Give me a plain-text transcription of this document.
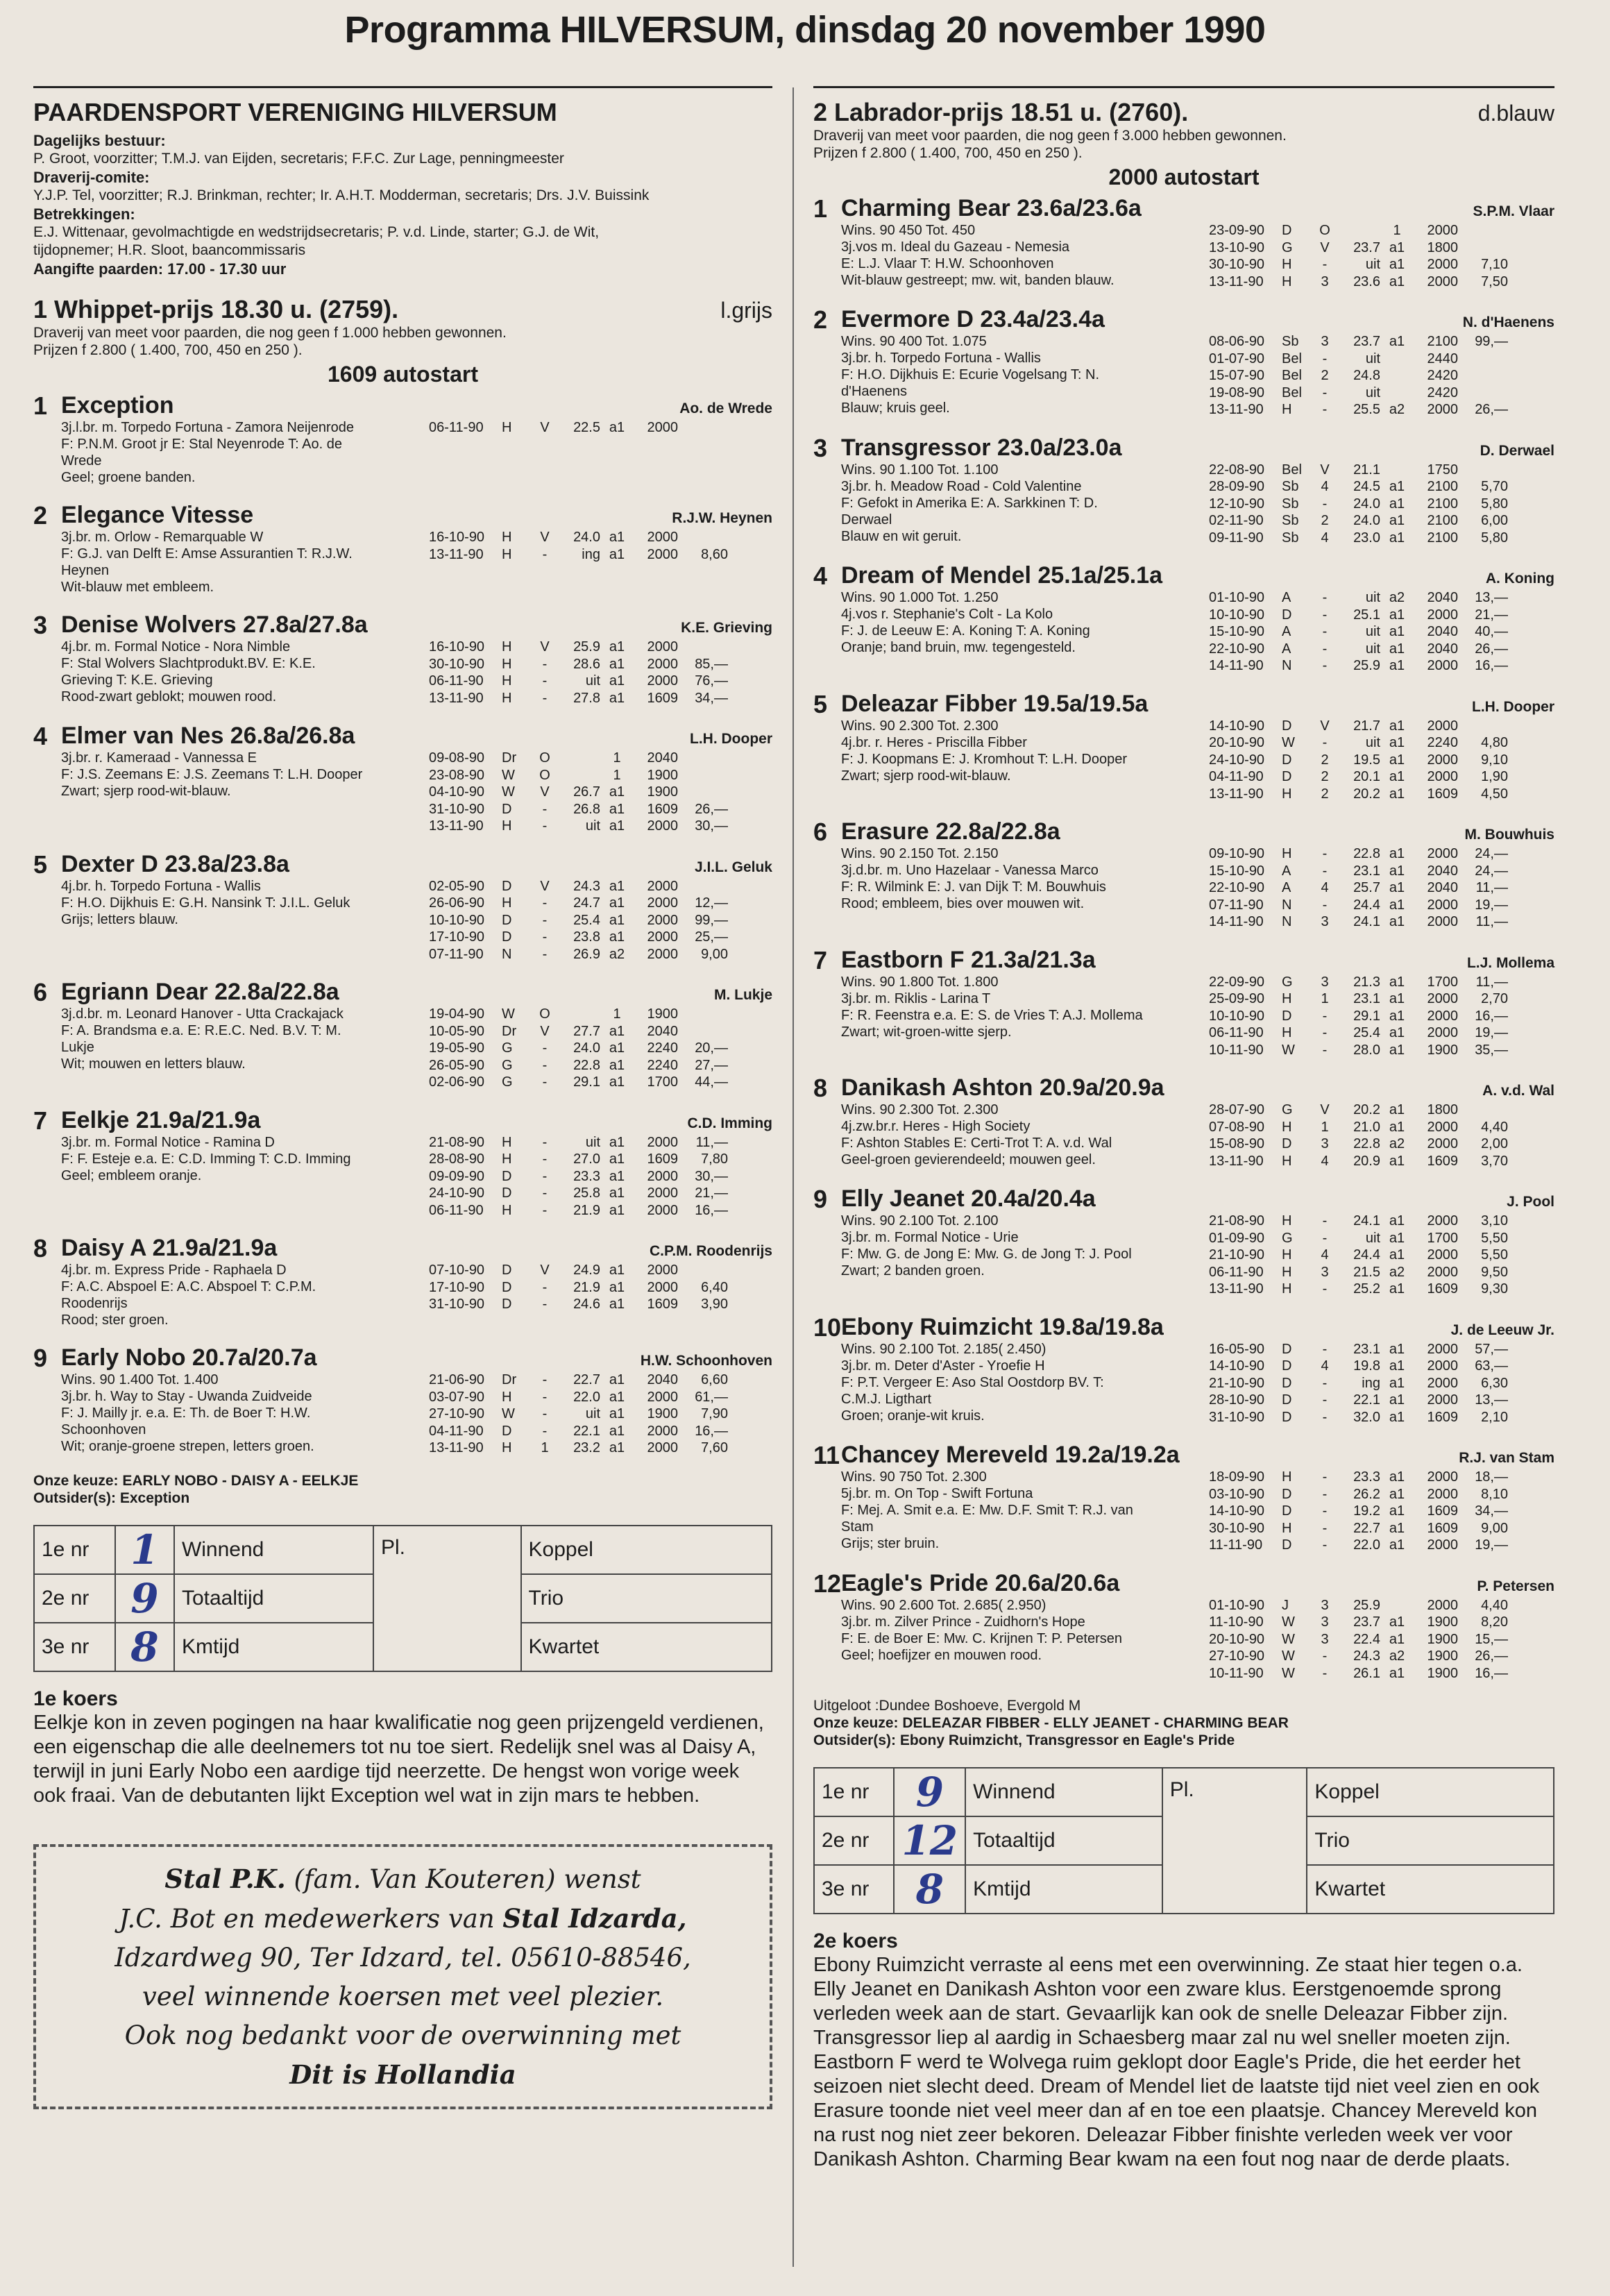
Programma HILVERSUM, dinsdag 20 november 1990
PAARDENSPORT VERENIGING HILVERSUM
Dagelijks bestuur:
P. Groot, voorzitter; T.M.J. van Eijden, secretaris; F.F.C. Zur Lage, penningmeester
Draverij-comite:
Y.J.P. Tel, voorzitter; R.J. Brinkman, rechter; Ir. A.H.T. Modderman, secretaris; Drs. J.V. Buissink
Betrekkingen:
E.J. Wittenaar, gevolmachtigde en wedstrijdsecretaris; P. v.d. Linde, starter; G.J. de Wit,
tijdopnemer; H.R. Sloot, baancommissaris
Aangifte paarden: 17.00 - 17.30 uur
1 Whippet-prijs 18.30 u. (2759).	l.grijs
Draverij van meet voor paarden, die nog geen f 1.000 hebben gewonnen.
Prijzen f 2.800 ( 1.400, 700, 450 en 250 ).
1609 autostart
1 Exception	Ao. de Wrede
3j.l.br. m. Torpedo Fortuna - Zamora Neijenrode
F: P.N.M. Groot jr E: Stal Neyenrode T: Ao. de
Wrede
Geel; groene banden.
06-11-90	H	V	22.5 a1	2000
2 Elegance Vitesse	R.J.W. Heynen
3j.br. m. Orlow - Remarquable W
F: G.J. van Delft E: Amse Assurantien T: R.J.W.
Heynen
Wit-blauw met embleem.
16-10-90	H	V	24.0 a1	2000
13-11-90	H	-	ing a1	2000	8,60
3 Denise Wolvers 27.8a/27.8a	K.E. Grieving
4j.br. m. Formal Notice - Nora Nimble
F: Stal Wolvers Slachtprodukt.BV. E: K.E.
Grieving T: K.E. Grieving
Rood-zwart geblokt; mouwen rood.
16-10-90	H	V	25.9 a1	2000
30-10-90	H	-	28.6 a1	2000	85,—
06-11-90	H	-	uit a1	2000	76,—
13-11-90	H	-	27.8 a1	1609	34,—
4 Elmer van Nes 26.8a/26.8a	L.H. Dooper
3j.br. r. Kameraad - Vannessa E
F: J.S. Zeemans E: J.S. Zeemans T: L.H. Dooper
Zwart; sjerp rood-wit-blauw.
09-08-90	Dr	O	1	2040
23-08-90	W	O	1	1900
04-10-90	W	V	26.7 a1	1900
31-10-90	D	-	26.8 a1	1609	26,—
13-11-90	H	-	uit a1	2000	30,—
5 Dexter D 23.8a/23.8a	J.I.L. Geluk
4j.br. h. Torpedo Fortuna - Wallis
F: H.O. Dijkhuis E: G.H. Nansink T: J.I.L. Geluk
Grijs; letters blauw.
02-05-90	D	V	24.3 a1	2000
26-06-90	H	-	24.7 a1	2000	12,—
10-10-90	D	-	25.4 a1	2000	99,—
17-10-90	D	-	23.8 a1	2000	25,—
07-11-90	N	-	26.9 a2	2000	9,00
6 Egriann Dear 22.8a/22.8a	M. Lukje
3j.d.br. m. Leonard Hanover - Utta Crackajack
F: A. Brandsma e.a. E: R.E.C. Ned. B.V. T: M.
Lukje
Wit; mouwen en letters blauw.
19-04-90	W	O	1	1900
10-05-90	Dr	V	27.7 a1	2040
19-05-90	G	-	24.0 a1	2240	20,—
26-05-90	G	-	22.8 a1	2240	27,—
02-06-90	G	-	29.1 a1	1700	44,—
7 Eelkje 21.9a/21.9a	C.D. Imming
3j.br. m. Formal Notice - Ramina D
F: F. Esteje e.a. E: C.D. Imming T: C.D. Imming
Geel; embleem oranje.
21-08-90	H	-	uit a1	2000	11,—
28-08-90	H	-	27.0 a1	1609	7,80
09-09-90	D	-	23.3 a1	2000	30,—
24-10-90	D	-	25.8 a1	2000	21,—
06-11-90	H	-	21.9 a1	2000	16,—
8 Daisy A 21.9a/21.9a	C.P.M. Roodenrijs
4j.br. m. Express Pride - Raphaela D
F: A.C. Abspoel E: A.C. Abspoel T: C.P.M.
Roodenrijs
Rood; ster groen.
07-10-90	D	V	24.9 a1	2000
17-10-90	D	-	21.9 a1	2000	6,40
31-10-90	D	-	24.6 a1	1609	3,90
9 Early Nobo 20.7a/20.7a	H.W. Schoonhoven
Wins. 90 1.400 Tot. 1.400
3j.br. h. Way to Stay - Uwanda Zuidveide
F: J. Mailly jr. e.a. E: Th. de Boer T: H.W.
Schoonhoven
Wit; oranje-groene strepen, letters groen.
21-06-90	Dr	-	22.7 a1	2040	6,60
03-07-90	H	-	22.0 a1	2000	61,—
27-10-90	W	-	uit a1	1900	7,90
04-11-90	D	-	22.1 a1	2000	16,—
13-11-90	H	1	23.2 a1	2000	7,60
Onze keuze: EARLY NOBO - DAISY A - EELKJE
Outsider(s): Exception
1e nr	1	Winnend	Pl.	Koppel
2e nr	9	Totaaltijd		Trio
3e nr	8	Kmtijd		Kwartet
1e koers
Eelkje kon in zeven pogingen na haar kwalificatie nog geen prijzengeld verdienen, een eigenschap die alle deelnemers tot nu toe siert. Redelijk snel was al Daisy A, terwijl in juni Early Nobo een aardige tijd neerzette. De hengst won vorige week ook fraai. Van de debutanten lijkt Exception wel wat in zijn mars te hebben.
Stal P.K. (fam. Van Kouteren) wenst
J.C. Bot en medewerkers van Stal Idzarda,
Idzardweg 90, Ter Idzard, tel. 05610-88546,
veel winnende koersen met veel plezier.
Ook nog bedankt voor de overwinning met
Dit is Hollandia
2 Labrador-prijs 18.51 u. (2760).	d.blauw
Draverij van meet voor paarden, die nog geen f 3.000 hebben gewonnen.
Prijzen f 2.800 ( 1.400, 700, 450 en 250 ).
2000 autostart
1 Charming Bear 23.6a/23.6a	S.P.M. Vlaar
Wins. 90 450 Tot. 450
3j.vos m. Ideal du Gazeau - Nemesia
E: L.J. Vlaar T: H.W. Schoonhoven
Wit-blauw gestreept; mw. wit, banden blauw.
23-09-90	D	O	1	2000
13-10-90	G	V	23.7 a1	1800
30-10-90	H	-	uit a1	2000	7,10
13-11-90	H	3	23.6 a1	2000	7,50
2 Evermore D 23.4a/23.4a	N. d'Haenens
Wins. 90 400 Tot. 1.075
3j.br. h. Torpedo Fortuna - Wallis
F: H.O. Dijkhuis E: Ecurie Vogelsang T: N.
d'Haenens
Blauw; kruis geel.
08-06-90	Sb	3	23.7 a1	2100	99,—
01-07-90	Bel	-	uit	2440
15-07-90	Bel	2	24.8	2420
19-08-90	Bel	-	uit	2420
13-11-90	H	-	25.5 a2	2000	26,—
3 Transgressor 23.0a/23.0a	D. Derwael
Wins. 90 1.100 Tot. 1.100
3j.br. h. Meadow Road - Cold Valentine
F: Gefokt in Amerika E: A. Sarkkinen T: D.
Derwael
Blauw en wit geruit.
22-08-90	Bel	V	21.1	1750
28-09-90	Sb	4	24.5 a1	2100	5,70
12-10-90	Sb	-	24.0 a1	2100	5,80
02-11-90	Sb	2	24.0 a1	2100	6,00
09-11-90	Sb	4	23.0 a1	2100	5,80
4 Dream of Mendel 25.1a/25.1a	A. Koning
Wins. 90 1.000 Tot. 1.250
4j.vos r. Stephanie's Colt - La Kolo
F: J. de Leeuw E: A. Koning T: A. Koning
Oranje; band bruin, mw. tegengesteld.
01-10-90	A	-	uit a2	2040	13,—
10-10-90	D	-	25.1 a1	2000	21,—
15-10-90	A	-	uit a1	2040	40,—
22-10-90	A	-	uit a1	2040	26,—
14-11-90	N	-	25.9 a1	2000	16,—
5 Deleazar Fibber 19.5a/19.5a	L.H. Dooper
Wins. 90 2.300 Tot. 2.300
4j.br. r. Heres - Priscilla Fibber
F: J. Koopmans E: J. Kromhout T: L.H. Dooper
Zwart; sjerp rood-wit-blauw.
14-10-90	D	V	21.7 a1	2000
20-10-90	W	-	uit a1	2240	4,80
24-10-90	D	2	19.5 a1	2000	9,10
04-11-90	D	2	20.1 a1	2000	1,90
13-11-90	H	2	20.2 a1	1609	4,50
6 Erasure 22.8a/22.8a	M. Bouwhuis
Wins. 90 2.150 Tot. 2.150
3j.d.br. m. Uno Hazelaar - Vanessa Marco
F: R. Wilmink E: J. van Dijk T: M. Bouwhuis
Rood; embleem, bies over mouwen wit.
09-10-90	H	-	22.8 a1	2000	24,—
15-10-90	A	-	23.1 a1	2040	24,—
22-10-90	A	4	25.7 a1	2040	11,—
07-11-90	N	-	24.4 a1	2000	19,—
14-11-90	N	3	24.1 a1	2000	11,—
7 Eastborn F 21.3a/21.3a	L.J. Mollema
Wins. 90 1.800 Tot. 1.800
3j.br. m. Riklis - Larina T
F: R. Feenstra e.a. E: S. de Vries T: A.J. Mollema
Zwart; wit-groen-witte sjerp.
22-09-90	G	3	21.3 a1	1700	11,—
25-09-90	H	1	23.1 a1	2000	2,70
10-10-90	D	-	29.1 a1	2000	16,—
06-11-90	H	-	25.4 a1	2000	19,—
10-11-90	W	-	28.0 a1	1900	35,—
8 Danikash Ashton 20.9a/20.9a	A. v.d. Wal
Wins. 90 2.300 Tot. 2.300
4j.zw.br.r. Heres - High Society
F: Ashton Stables E: Certi-Trot T: A. v.d. Wal
Geel-groen gevierendeeld; mouwen geel.
28-07-90	G	V	20.2 a1	1800
07-08-90	H	1	21.0 a1	2000	4,40
15-08-90	D	3	22.8 a2	2000	2,00
13-11-90	H	4	20.9 a1	1609	3,70
9 Elly Jeanet 20.4a/20.4a	J. Pool
Wins. 90 2.100 Tot. 2.100
3j.br. m. Formal Notice - Urie
F: Mw. G. de Jong E: Mw. G. de Jong T: J. Pool
Zwart; 2 banden groen.
21-08-90	H	-	24.1 a1	2000	3,10
01-09-90	G	-	uit a1	1700	5,50
21-10-90	H	4	24.4 a1	2000	5,50
06-11-90	H	3	21.5 a2	2000	9,50
13-11-90	H	-	25.2 a1	1609	9,30
10 Ebony Ruimzicht 19.8a/19.8a	J. de Leeuw Jr.
Wins. 90 2.100 Tot. 2.185( 2.450)
3j.br. m. Deter d'Aster - Yroefie H
F: P.T. Vergeer E: Aso Stal Oostdorp BV. T:
C.M.J. Ligthart
Groen; oranje-wit kruis.
16-05-90	D	-	23.1 a1	2000	57,—
14-10-90	D	4	19.8 a1	2000	63,—
21-10-90	D	-	ing a1	2000	6,30
28-10-90	D	-	22.1 a1	2000	13,—
31-10-90	D	-	32.0 a1	1609	2,10
11 Chancey Mereveld 19.2a/19.2a	R.J. van Stam
Wins. 90 750 Tot. 2.300
5j.br. m. On Top - Swift Fortuna
F: Mej. A. Smit e.a. E: Mw. D.F. Smit T: R.J. van
Stam
Grijs; ster bruin.
18-09-90	H	-	23.3 a1	2000	18,—
03-10-90	D	-	26.2 a1	2000	8,10
14-10-90	D	-	19.2 a1	1609	34,—
30-10-90	H	-	22.7 a1	1609	9,00
11-11-90	D	-	22.0 a1	2000	19,—
12 Eagle's Pride 20.6a/20.6a	P. Petersen
Wins. 90 2.600 Tot. 2.685( 2.950)
3j.br. m. Zilver Prince - Zuidhorn's Hope
F: E. de Boer E: Mw. C. Krijnen T: P. Petersen
Geel; hoefijzer en mouwen rood.
01-10-90	J	3	25.9	2000	4,40
11-10-90	W	3	23.7 a1	1900	8,20
20-10-90	W	3	22.4 a1	1900	15,—
27-10-90	W	-	24.3 a2	1900	26,—
10-11-90	W	-	26.1 a1	1900	16,—
Uitgeloot :Dundee Boshoeve, Evergold M
Onze keuze: DELEAZAR FIBBER - ELLY JEANET - CHARMING BEAR
Outsider(s): Ebony Ruimzicht, Transgressor en Eagle's Pride
1e nr	9	Winnend	Pl.	Koppel
2e nr	12	Totaaltijd		Trio
3e nr	8	Kmtijd		Kwartet
2e koers
Ebony Ruimzicht verraste al eens met een overwinning. Ze staat hier tegen o.a. Elly Jeanet en Danikash Ashton voor een zware klus. Eerstgenoemde sprong verleden week aan de start. Gevaarlijk kan ook de snelle Deleazar Fibber zijn. Transgressor liep al aardig in Schaesberg maar zal nu wel sneller moeten zijn. Eastborn F werd te Wolvega ruim geklopt door Eagle's Pride, die het eerder het seizoen niet slecht deed. Dream of Mendel liet de laatste tijd niet veel zien en ook Erasure toonde niet veel meer dan af en toe een plaatsje. Chancey Mereveld kon na rust nog niet zeer bekoren. Deleazar Fibber finishte verleden week ver voor Danikash Ashton. Charming Bear kwam na een fout nog naar de derde plaats.
